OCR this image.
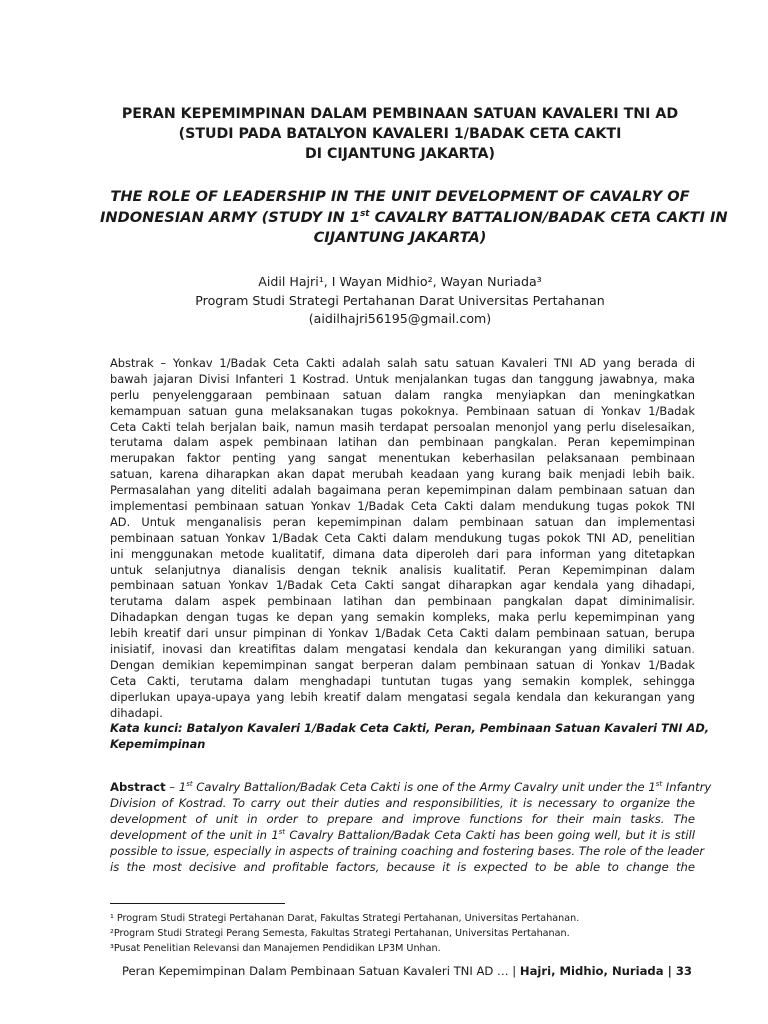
PERAN KEPEMIMPINAN DALAM PEMBINAAN SATUAN KAVALERI TNI AD
(STUDI PADA BATALYON KAVALERI 1/BADAK CETA CAKTI
DI CIJANTUNG JAKARTA)
THE ROLE OF LEADERSHIP IN THE UNIT DEVELOPMENT OF CAVALRY OF
INDONESIAN ARMY (STUDY IN 1st CAVALRY BATTALION/BADAK CETA CAKTI IN
CIJANTUNG JAKARTA)
Aidil Hajri¹, I Wayan Midhio², Wayan Nuriada³
Program Studi Strategi Pertahanan Darat Universitas Pertahanan
(aidilhajri56195@gmail.com)
Abstrak – Yonkav 1/Badak Ceta Cakti adalah salah satu satuan Kavaleri TNI AD yang berada di
bawah jajaran Divisi Infanteri 1 Kostrad. Untuk menjalankan tugas dan tanggung jawabnya, maka
perlu penyelenggaraan pembinaan satuan dalam rangka menyiapkan dan meningkatkan
kemampuan satuan guna melaksanakan tugas pokoknya. Pembinaan satuan di Yonkav 1/Badak
Ceta Cakti telah berjalan baik, namun masih terdapat persoalan menonjol yang perlu diselesaikan,
terutama dalam aspek pembinaan latihan dan pembinaan pangkalan. Peran kepemimpinan
merupakan faktor penting yang sangat menentukan keberhasilan pelaksanaan pembinaan
satuan, karena diharapkan akan dapat merubah keadaan yang kurang baik menjadi lebih baik.
Permasalahan yang diteliti adalah bagaimana peran kepemimpinan dalam pembinaan satuan dan
implementasi pembinaan satuan Yonkav 1/Badak Ceta Cakti dalam mendukung tugas pokok TNI
AD. Untuk menganalisis peran kepemimpinan dalam pembinaan satuan dan implementasi
pembinaan satuan Yonkav 1/Badak Ceta Cakti dalam mendukung tugas pokok TNI AD, penelitian
ini menggunakan metode kualitatif, dimana data diperoleh dari para informan yang ditetapkan
untuk selanjutnya dianalisis dengan teknik analisis kualitatif. Peran Kepemimpinan dalam
pembinaan satuan Yonkav 1/Badak Ceta Cakti sangat diharapkan agar kendala yang dihadapi,
terutama dalam aspek pembinaan latihan dan pembinaan pangkalan dapat diminimalisir.
Dihadapkan dengan tugas ke depan yang semakin kompleks, maka perlu kepemimpinan yang
lebih kreatif dari unsur pimpinan di Yonkav 1/Badak Ceta Cakti dalam pembinaan satuan, berupa
inisiatif, inovasi dan kreatifitas dalam mengatasi kendala dan kekurangan yang dimiliki satuan.
Dengan demikian kepemimpinan sangat berperan dalam pembinaan satuan di Yonkav 1/Badak
Ceta Cakti, terutama dalam menghadapi tuntutan tugas yang semakin komplek, sehingga
diperlukan upaya-upaya yang lebih kreatif dalam mengatasi segala kendala dan kekurangan yang
dihadapi.
Kata kunci: Batalyon Kavaleri 1/Badak Ceta Cakti, Peran, Pembinaan Satuan Kavaleri TNI AD,
Kepemimpinan
Abstract – 1st Cavalry Battalion/Badak Ceta Cakti is one of the Army Cavalry unit under the 1st Infantry
Division of Kostrad. To carry out their duties and responsibilities, it is necessary to organize the
development of unit in order to prepare and improve functions for their main tasks. The
development of the unit in 1st Cavalry Battalion/Badak Ceta Cakti has been going well, but it is still
possible to issue, especially in aspects of training coaching and fostering bases. The role of the leader
is the most decisive and profitable factors, because it is expected to be able to change the
¹ Program Studi Strategi Pertahanan Darat, Fakultas Strategi Pertahanan, Universitas Pertahanan.
²Program Studi Strategi Perang Semesta, Fakultas Strategi Pertahanan, Universitas Pertahanan.
³Pusat Penelitian Relevansi dan Manajemen Pendidikan LP3M Unhan.
Peran Kepemimpinan Dalam Pembinaan Satuan Kavaleri TNI AD … | Hajri, Midhio, Nuriada | 33
